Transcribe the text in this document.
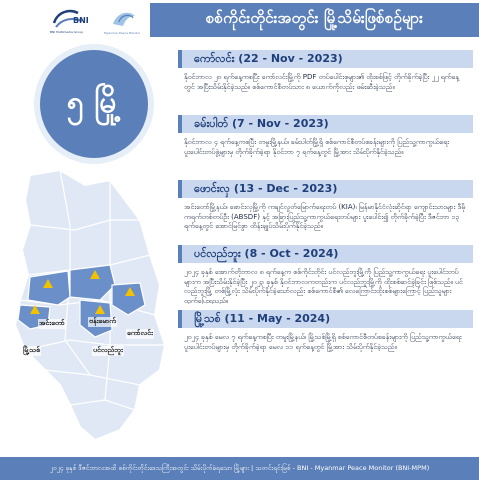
BNI
BNI Multimedia Group	Myanmar Peace Monitor
စစ်ကိုင်းတိုင်းအတွင်း မြို့သိမ်းဖြစ်စဉ်များ
၅ မြို့
ဗန်းမောက်
အင်းတော်
ပင်လည်ဘူး
ကော်လင်း
မြို့သစ်
ကော်လင်း (22 - Nov - 2023)
နိုဝင်ဘာလ ၂၀ ရက်နေ့ကစပြီး ကော်လင်းမြို့ကို PDF တပ်ပေါင်းစုများ၏ ထိုးစစ်ဖြင့် တိုက်ခိုက်ခဲ့ပြီး ၂၂ ရက်နေ့တွင် အပြီးသိမ်းနိုင်ခဲ့သည်။ စစ်ကောင်စီတပ်သား ၈ ယောက်ကိုလည်း ဖမ်းဆီးခဲ့သည်။
ခမ်းပါတ် (7 - Nov - 2023)
နိုဝင်ဘာလ ၄ ရက်နေ့ကစပြီး တမူးမြို့နယ်၊ ခမ်းပါတ်မြို့ရှိ စစ်ကောင်စီတပ်စခန်းများကို ပြည်သူ့ကာကွယ်ရေး ပူးပေါင်းတပ်ဖွဲ့များမှ တိုက်ခိုက်ခဲ့ရာ နိုဝင်ဘာ ၇ ရက်နေ့တွင် မြို့အား သိမ်းပိုက်နိုင်ခဲ့သည်။
ဖောင်းလှ (13 - Dec - 2023)
အင်းတော်မြို့နယ်၊ ဖောင်းလှမြို့ကို ကချင်လွတ်မြောက်ရေးတပ် (KIA)၊ မြန်မာနိုင်ငံလုံးဆိုင်ရာ ကျောင်းသားများ ဒီမိုကရက်တစ်တပ်ဦး (ABSDF) နှင့် အခြားပြည်သူ့ကာကွယ်ရေးတပ်များ ပူးပေါင်း၍ တိုက်ခိုက်ခဲ့ပြီး ဒီဇင်ဘာ ၁၃ ရက်နေ့တွင် အောင်မြင်စွာ ထိန်းချုပ်သိမ်းပိုက်နိုင်ခဲ့သည်။
ပင်လည်ဘူး (8 - Oct - 2024)
၂၀၂၄ ခုနှစ် အောက်တိုဘာလ ၈ ရက်နေ့က စစ်ကိုင်းတိုင်း ပင်လည်ဘူးမြို့ကို ပြည်သူ့ကာကွယ်ရေး ပူးပေါင်းတပ်များက အပြီးသိမ်းနိုင်ခဲ့ပြီး ၂၀၂၃ ခုနှစ် နိုဝင်ဘာလကတည်းက ပင်လည်ဘူးမြို့ကို ထိုးစစ်ဆင်ခဲ့ခြင်း ဖြစ်သည်။ ပင်လည်ဘူးမြို့ တစ်မြို့လုံး သိမ်းပိုက်နိုင်ခဲ့သော်လည်း စစ်ကောင်စီ၏ လေကြောင်းထိုးစစ်များကြောင့် ပြည်သူများ ထွက်ပြေးရသည်။
မြို့သစ် (11 - May - 2024)
၂၀၂၄ ခုနှစ် မေလ ၇ ရက်နေ့ကစပြီး တမူးမြို့နယ်၊ မြို့သစ်မြို့ရှိ စစ်ကောင်စီတပ်စခန်းများကို ပြည်သူ့ကာကွယ်ရေး ပူးပေါင်းတပ်များမှ တိုက်ခိုက်ခဲ့ရာ မေလ ၁၁ ရက်နေ့တွင် မြို့အား သိမ်းပိုက်နိုင်ခဲ့သည်။
၂၀၂၄ ခုနှစ် ဒီဇင်ဘာလအထိ စစ်ကိုင်းတိုင်းဒေသကြီးအတွင်း သိမ်းပိုက်ခံရသော မြို့များ | သတင်းရင်းမြစ် - BNI - Myanmar Peace Monitor (BNI-MPM)
